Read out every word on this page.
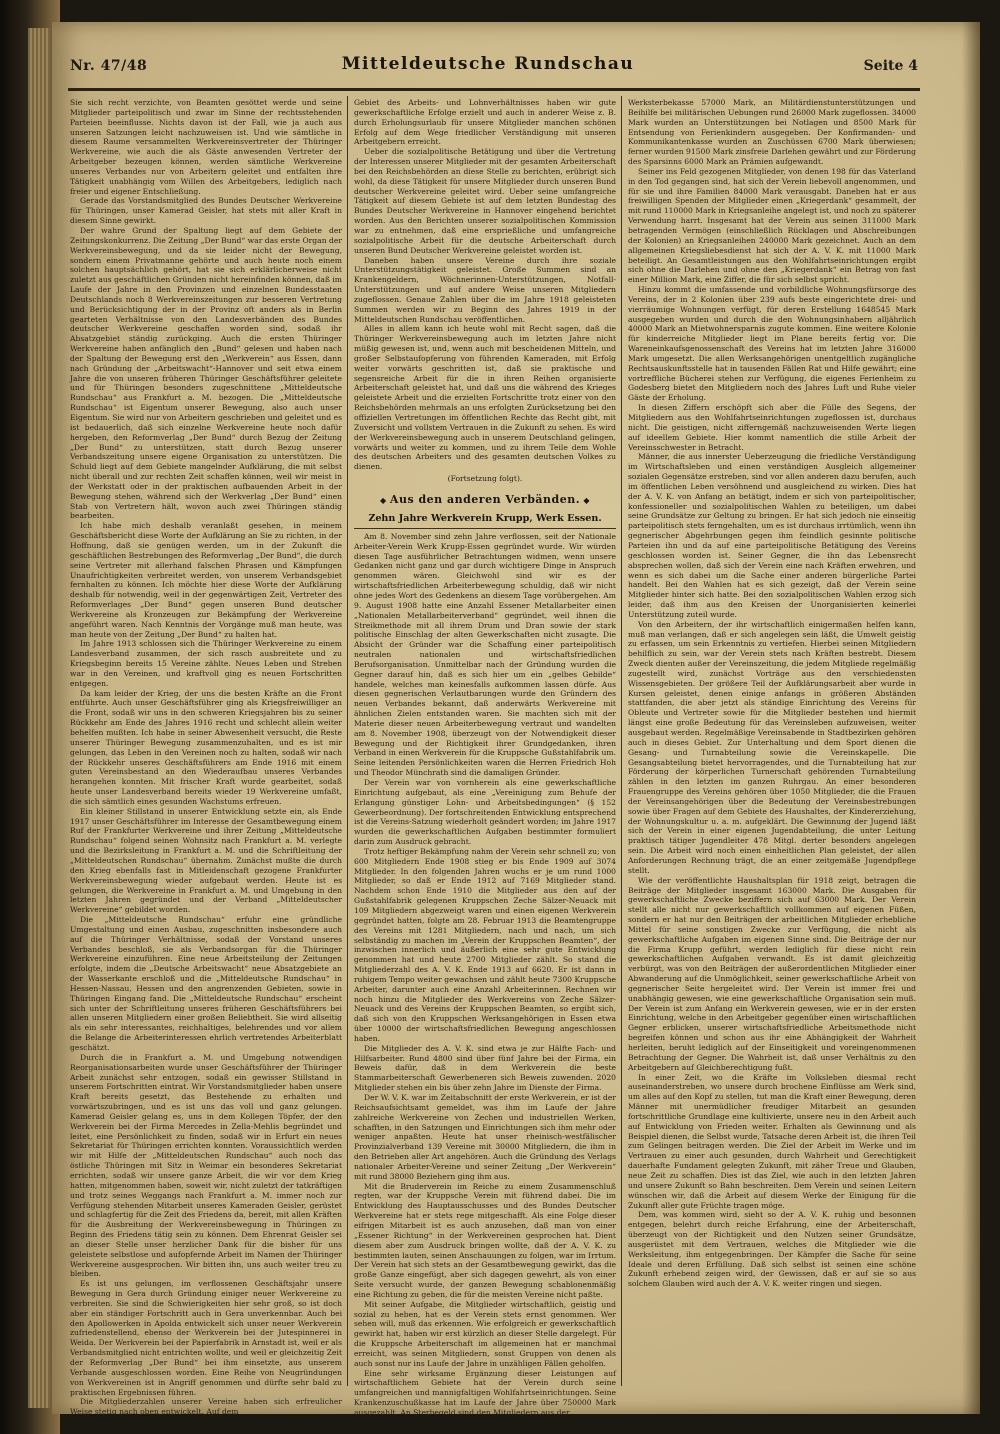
Nr. 47/48	Mitteldeutsche Rundschau	Seite 4

Sie sich recht verzichte, von Beamten gesöttet werde und seine Mitglieder parteipolitisch und zwar im Sinne der rechtsstehenden Parteien beeinflusse. Nichts davon ist der Fall, wie ja auch aus unseren Satzungen leicht nachzuweisen ist. Und wie sämtliche in diesem Raume versammelten Werkvereinsvertreter der Thüringer Werkvereine, wie auch die als Gäste anwesenden Vertreter der Arbeitgeber bezeugen können, werden sämtliche Werkvereine unseres Verbandes nur von Arbeitern geleitet und entfalten ihre Tätigkeit unabhängig vom Willen des Arbeitgebers, lediglich nach freier und eigener Entschließung.

Gerade das Vorstandsmitglied des Bundes Deutscher Werkvereine für Thüringen, unser Kamerad Geisler, hat stets mit aller Kraft in diesem Sinne gewirkt.

Der wahre Grund der Spaltung liegt auf dem Gebiete der Zeitungskonkurrenz. Die Zeitung „Der Bund“ war das erste Organ der Werkvereinsbewegung, und da sie leider nicht der Bewegung, sondern einem Privatmanne gehörte und auch heute noch einem solchen hauptsächlich gehört, hat sie sich erklärlicherweise nicht zuletzt aus geschäftlichen Gründen nicht hereinfinden können, daß im Laufe der Jahre in den Provinzen und einzelnen Bundesstaaten Deutschlands noch 8 Werkvereinszeitungen zur besseren Vertretung und Berücksichtigung der in der Provinz oft anders als in Berlin gearteten Verhältnisse von den Landesverbänden des Bundes deutscher Werkvereine geschaffen worden sind, sodaß ihr Absatzgebiet ständig zurückging. Auch die ersten Thüringer Werkvereine haben anfänglich den „Bund“ gelesen und haben nach der Spaltung der Bewegung erst den „Werkverein“ aus Essen, dann nach Gründung der „Arbeitswacht“-Hannover und seit etwa einem Jahre die von unseren früheren Thüringer Geschäftsführer geleitete und für Thüringen besonders zugeschnittene „Mitteldeutsche Rundschau“ aus Frankfurt a. M. bezogen. Die „Mitteldeutsche Rundschau“ ist Eigentum unserer Bewegung, also auch unser Eigentum. Sie wird nur von Arbeitern geschrieben und geleitet und es ist bedauerlich, daß sich einzelne Werkvereine heute noch dafür hergeben, den Reformverlag „Der Bund“ durch Bezug der Zeitung „Der Bund“ zu unterstützen, statt durch Bezug unserer Verbandszeitung unsere eigene Organisation zu unterstützen. Die Schuld liegt auf dem Gebiete mangelnder Aufklärung, die mit selbst nicht überall und zur rechten Zeit schaffen können, weil wir meist in der Werkstatt oder in der praktischen aufbauenden Arbeit in der Bewegung stehen, während sich der Werkverlag „Der Bund“ einen Stab von Vertretern hält, wovon auch zwei Thüringen ständig bearbeiten.

Ich habe mich deshalb veranlaßt gesehen, in meinem Geschäftsbericht diese Worte der Aufklärung an Sie zu richten, in der Hoffnung, daß sie genügen werden, um in der Zukunft die geschäftlichen Bestrebungen des Reformverlag „Der Bund“, die durch seine Vertreter mit allerhand falschen Phrasen und Kämpfungen Unaufrichtigkeiten verbreitet werden, von unserem Verbandsgebiet fernhalten zu können. Ich möchte hier diese Worte der Aufklärung deshalb für notwendig, weil in der gegenwärtigen Zeit, Vertreter des Reformverlages „Der Bund“ gegen unseren Bund deutscher Werkvereine als Kronzeugen zur Bekämpfung der Werkvereine angeführt waren. Nach Kenntnis der Vorgänge muß man heute, was man heute von der Zeitung „Der Bund“ zu halten hat.

Im Jahre 1913 schlossen sich die Thüringer Werkvereine zu einem Landesverband zusammen, der sich rasch ausbreitete und zu Kriegsbeginn bereits 15 Vereine zählte. Neues Leben und Streben war in den Vereinen, und kraftvoll ging es neuen Fortschritten entgegen.

Da kam leider der Krieg, der uns die besten Kräfte an die Front entführte. Auch unser Geschäftsführer ging als Kriegsfreiwilliger an die Front, sodaß wir uns in den schweren Kriegsjahren bis zu seiner Rückkehr am Ende des Jahres 1916 recht und schlecht allein weiter behelfen mußten. Ich habe in seiner Abwesenheit versucht, die Reste unserer Thüringer Bewegung zusammenzuhalten, und es ist mir gelungen, das Leben in den Vereinen noch zu halten, sodaß wir nach der Rückkehr unseres Geschäftsführers am Ende 1916 mit einem guten Vereinsbestand an den Wiederaufbau unseres Verbandes herangehen konnten. Mit frischer Kraft wurde gearbeitet, sodaß heute unser Landesverband bereits wieder 19 Werkvereine umfaßt, die sich sämtlich eines gesunden Wachstums erfreuen.

Ein kleiner Stillstand in unserer Entwicklung setzte ein, als Ende 1917 unser Geschäftsführer im Interesse der Gesamtbewegung einem Ruf der Frankfurter Werkvereine und ihrer Zeitung „Mitteldeutsche Rundschau“ folgend seinen Wohnsitz nach Frankfurt a. M. verlegte und die Bezirksleitung in Frankfurt a. M. und die Schriftleitung der „Mitteldeutschen Rundschau“ übernahm. Zunächst mußte die durch den Krieg ebenfalls fast in Mitleidenschaft gezogene Frankfurter Werkvereinsbewegung wieder aufgebaut werden. Heute ist es gelungen, die Werkvereine in Frankfurt a. M. und Umgebung in den letzten Jahren gegründet und der Verband „Mitteldeutscher Werkvereine“ gebildet worden.

Die „Mitteldeutsche Rundschau“ erfuhr eine gründliche Umgestaltung und einen Ausbau, zugeschnitten insbesondere auch auf die Thüringer Verhältnisse, sodaß der Vorstand unseres Verbandes beschloß, sie als Verbandsorgan für die Thüringer Werkvereine einzuführen. Eine neue Arbeitsteilung der Zeitungen erfolgte, indem die „Deutsche Arbeitswacht“ neue Absatzgebiete an der Wasserkante erschloß und die „Mitteldeutsche Rundschau“ in Hessen-Nassau, Hessen und den angrenzenden Gebieten, sowie in Thüringen Eingang fand. Die „Mitteldeutsche Rundschau“ erscheint sich unter der Schriftleitung unseres früheren Geschäftsführers bei allen unseren Mitgliedern einer großen Beliebtheit. Sie wird allseitig als ein sehr interessantes, reichhaltiges, belehrendes und vor allem die Belange die Arbeiterinteressen ehrlich vertretendes Arbeiterblatt geschätzt.

Durch die in Frankfurt a. M. und Umgebung notwendigen Reorganisationsarbeiten wurde unser Geschäftsführer der Thüringer Arbeit zunächst sehr entzogen, sodaß ein gewisser Stillstand in unserem Fortschritten eintrat. Wir Vorstandsmitglieder haben unsere Kraft bereits gesetzt, das Bestehende zu erhalten und vorwärtszubringen, und es ist uns das voll und ganz gelungen. Kamerad Geisler gelang es, uns in dem Kollegen Töpfer, der den Werkverein bei der Firma Mercedes in Zella-Mehlis begründet und leitet, eine Persönlichkeit zu finden, sodaß wir in Erfurt ein neues Sekretariat für Thüringen errichten konnten. Voraussichtlich werden wir mit Hilfe der „Mitteldeutschen Rundschau“ auch noch das östliche Thüringen mit Sitz in Weimar ein besonderes Sekretariat errichten, sodaß wir unsere ganze Arbeit, die wir vor dem Krieg hatten, mitgenommen haben, soweit wir, nicht zuletzt der tatkräftigen und trotz seines Weggangs nach Frankfurt a. M. immer noch zur Verfügung stehenden Mitarbeit unseres Kameraden Geisler, gerüstet und schlagfertig für die Zeit des Friedens da, bereit, mit allen Kräften für die Ausbreitung der Werkvereinsbewegung in Thüringen zu Beginn des Friedens tätig sein zu können. Dem Ehrenrat Geisler sei an dieser Stelle unser herzlicher Dank für die bisher für uns geleistete selbstlose und aufopfernde Arbeit im Namen der Thüringer Werkvereine ausgesprochen. Wir bitten ihn, uns auch weiter treu zu bleiben.

Es ist uns gelungen, im verflossenen Geschäftsjahr unsere Bewegung in Gera durch Gründung einiger neuer Werkvereine zu verbreiten. Sie sind die Schwierigkeiten hier sehr groß, so ist doch aber ein ständiger Fortschritt auch in Gera unverkennbar. Auch bei den Apollowerken in Apolda entwickelt sich unser neuer Werkverein zufriedenstellend, ebenso der Werkverein bei der Jutespinnerei in Weida. Der Werkverein bei der Papierfabrik in Arnstadt ist, weil er als Verbandsmitglied nicht entrichten wollte, und weil er gleichzeitig Zeit der Reformverlag „Der Bund“ bei ihm einsetzte, aus unserem Verbande ausgeschlossen worden. Eine Reihe von Neugründungen von Werkvereinen ist in Angriff genommen und dürfte sehr bald zu praktischen Ergebnissen führen.

Die Mitgliederzahlen unserer Vereine haben sich erfreulicher Weise stetig nach oben entwickelt. Auf dem

Gebiet des Arbeits- und Lohnverhältnisses haben wir gute gewerkschaftliche Erfolge erzielt und auch in anderer Weise z. B. durch Erholungsurlaub für unsere Mitglieder manchen schönen Erfolg auf dem Wege friedlicher Verständigung mit unseren Arbeitgebern erreicht.

Ueber die sozialpolitische Betätigung und über die Vertretung der Interessen unserer Mitglieder mit der gesamten Arbeiterschaft bei den Reichsbehörden an diese Stelle zu berichten, erübrigt sich wohl, da diese Tätigkeit für unsere Mitglieder durch unseren Bund deutscher Werkvereine geleitet wird. Ueber seine umfangreiche Tätigkeit auf diesem Gebiete ist auf dem letzten Bundestag des Bundes Deutscher Werkvereine in Hannover eingehend berichtet worden. Aus den Berichten unserer sozialpolitischen Kommission war zu entnehmen, daß eine ersprießliche und umfangreiche sozialpolitische Arbeit für die deutsche Arbeiterschaft durch unseren Bund Deutscher Werkvereine geleistet worden ist.

Daneben haben unsere Vereine durch ihre soziale Unterstützungstätigkeit geleistet. Große Summen sind an Krankengeldern, Wöchnerinnen-Unterstützungen, Notfall-Unterstützungen und auf andere Weise unseren Mitgliedern zugeflossen. Genaue Zahlen über die im Jahre 1918 geleisteten Summen werden wir zu Beginn des Jahres 1919 in der Mitteldeutschen Rundschau veröffentlichen.

Alles in allem kann ich heute wohl mit Recht sagen, daß die Thüringer Werkvereinsbewegung auch im letzten Jahre nicht müßig gewesen ist, und, wenn auch mit bescheidenen Mitteln, und großer Selbstaufopferung von führenden Kameraden, mit Erfolg weiter vorwärts geschritten ist, daß sie praktische und segensreiche Arbeit für die in ihren Reihen organisierte Arbeiterschaft geleistet hat, und daß uns die während des Krieges geleistete Arbeit und die erzielten Fortschritte trotz einer von den Reichsbehörden mehrmals an uns erfolgten Zurücksetzung bei den offiziellen Vertretungen im öffentlichen Rechte das Recht gibt, mit Zuversicht und vollstem Vertrauen in die Zukunft zu sehen. Es wird der Werkvereinsbewegung auch in unserem Deutschland gelingen, vorwärts und weiter zu kommen, und zu ihrem Teile dem Wohle des deutschen Arbeiters und des gesamten deutschen Volkes zu dienen.

(Fortsetzung folgt).

◆ Aus den anderen Verbänden. ◆
Zehn Jahre Werkverein Krupp, Werk Essen.

Am 8. November sind zehn Jahre verflossen, seit der Nationale Arbeiter-Verein Werk Krupp-Essen gegründet wurde. Wir würden diesen Tage ausführlicher Betrachtungen widmen, wenn unsere Gedanken nicht ganz und gar durch wichtigere Dinge in Anspruch genommen wären. Gleichwohl sind wir es der wirtschaftsfriedlichen Arbeiterbewegung schuldig, daß wir nicht ohne jedes Wort des Gedenkens an diesem Tage vorübergehen. Am 9. August 1908 hatte eine Anzahl Essener Metallarbeiter einen „Nationalen Metallarbeiterverband“ gegründet, weil ihnen die Streikmethode mit all ihrem Drum und Dran sowie der stark politische Einschlag der alten Gewerkschaften nicht zusagte. Die Absicht der Gründer war die Schaffung einer parteipolitisch neutralen nationalen und wirtschaftsfriedlichen Berufsorganisation. Unmittelbar nach der Gründung wurden die Gegner darauf hin, daß es sich hier um ein „gelbes Gebilde“ handele, welches man keinesfalls aufkommen lassen dürfe. Aus diesen gegnerischen Verlautbarungen wurde den Gründern des neuen Verbandes bekannt, daß anderwärts Werkvereine mit ähnlichen Zielen entstanden waren. Sie machten sich mit der Materie dieser neuen Arbeiterbewegung vertraut und wandelten am 8. November 1908, überzeugt von der Notwendigkeit dieser Bewegung und der Richtigkeit ihrer Grundgedanken, ihren Verband in einen Werkverein für die Kruppsche Gußstahlfabrik um. Seine leitenden Persönlichkeiten waren die Herren Friedrich Hoh und Theodor Münchrath sind die damaligen Gründer.

Der Verein war von vornherein als eine gewerkschaftliche Einrichtung aufgebaut, als eine „Vereinigung zum Behufe der Erlangung günstiger Lohn- und Arbeitsbedingungen“ (§ 152 Gewerbeordnung). Der fortschreitenden Entwicklung entsprechend ist die Vereins-Satzung wiederholt geändert worden; im Jahre 1917 wurden die gewerkschaftlichen Aufgaben bestimmter formuliert darin zum Ausdruck gebracht.

Trotz heftiger Bekämpfung nahm der Verein sehr schnell zu; von 600 Mitgliedern Ende 1908 stieg er bis Ende 1909 auf 3074 Mitglieder. In den folgenden Jahren wuchs er je um rund 1000 Mitglieder, so daß er Ende 1912 auf 7169 Mitglieder stand. Nachdem schon Ende 1910 die Mitglieder aus den auf der Gußstahlfabrik gelegenen Kruppschen Zeche Sälzer-Neuack mit 109 Mitgliedern abgezweigt waren und einen eigenen Werkverein gegründet hatten, folgte am 28. Februar 1913 die Beamtengruppe des Vereins mit 1281 Mitgliedern, nach und nach, um sich selbständig zu machen im „Verein der Kruppschen Beamten“, der inzwischen innerlich und äußerlich eine sehr gute Entwicklung genommen hat und heute 2700 Mitglieder zählt. So stand die Mitgliederzahl des A. V. K. Ende 1913 auf 6620. Er ist dann in ruhigem Tempo weiter gewachsen und zählt heute 7300 Kruppsche Arbeiter, darunter auch eine Anzahl Arbeiterinnen. Rechnen wir noch hinzu die Mitglieder des Werkvereins von Zeche Sälzer-Neuack und des Vereins der Kruppschen Beamten, so ergibt sich, daß sich von den Kruppschen Werksangehörigen in Essen etwa über 10000 der wirtschaftsfriedlichen Bewegung angeschlossen haben.

Die Mitglieder des A. V. K. sind etwa je zur Hälfte Fach- und Hilfsarbeiter. Rund 4800 sind über fünf Jahre bei der Firma, ein Beweis dafür, daß in dem Werkverein die beste Stammarbeiterschaft Gewerbeneren sich Beweis zuwenden. 2020 Mitglieder stehen ein bis über zehn Jahre im Dienste der Firma.

Der W. V. K. war im Zeitabschnitt der erste Werkverein, er ist der Reichsaufsichtsamt gemeldet, was ihm im Laufe der Jahre zahlreiche Werkvereine von Zechen und industriellen Werken, schafften, in den Satzungen und Einrichtungen sich ihm mehr oder weniger anpaßten. Heute hat unser rheinisch-westfälischer Provinzialverband 139 Vereine mit 30000 Mitgliedern, die ihm in den Betrieben aller Art angehören. Auch die Gründung des Verlags nationaler Arbeiter-Vereine und seiner Zeitung „Der Werkverein“ mit rund 38000 Beziehern ging ihm aus.

Mit die Bruderverein im Reiche zu einem Zusammenschluß regten, war der Kruppsche Verein mit führend dabei. Die im Entwicklung des Hauptausschusses und des Bundes Deutscher Werkvereine hat er stets rege mitgeschafft. Als eine Folge dieser eifrigen Mitarbeit ist es auch anzusehen, daß man von einer „Essener Richtung“ in der Werkvereinen gesprochen hat. Dient diesem aber zum Ausdruck bringen wollte, daß der A. V. K. zu bestimmten lauten, seinen Anschauungen zu folgen, war im Irrtum. Der Verein hat sich stets an der Gesamtbewegung gewirkt, das die große Ganze eingefügt, aber sich dagegen gewehrt, als von einer Seite versucht wurde, der ganzen Bewegung schablonenmäßig eine Richtung zu geben, die für die meisten Vereine nicht paßte.

Mit seiner Aufgabe, die Mitglieder wirtschaftlich, geistig und sozial zu heben, hat es der Verein stets ernst genommen. Wer sehen will, muß das erkennen. Wie erfolgreich er gewerkschaftlich gewirkt hat, haben wir erst kürzlich an dieser Stelle dargelegt. Für die Kruppsche Arbeiterschaft im allgemeinen hat er manchmal erreicht, was seinen Mitgliedern, sonst Gruppen von denen als auch sonst nur ins Laufe der Jahre in unzähligen Fällen geholfen.

Eine sehr wirksame Ergänzung dieser Leistungen auf wirtschaftlichem Gebiete hat der Verein durch seine umfangreichen und mannigfaltigen Wohlfahrtseinrichtungen. Seine Krankenzuschußkasse hat im Laufe der Jahre über 750000 Mark ausgezahlt. An Sterbegeld sind den Mitgliedern aus der

Werksterbekasse 57000 Mark, an Militärdienstunterstützungen und Beihilfe bei militärischen Uebungen rund 26000 Mark zugeflossen. 34000 Mark wurden an Unterstützungen bei Notlagen und 8500 Mark für Entsendung von Ferienkindern ausgegeben. Der Konfirmanden- und Kommunikantenkasse wurden an Zuschüssen 6700 Mark überwiesen; ferner wurden 91500 Mark zinsfreie Darlehen gewährt und zur Förderung des Sparsinns 6000 Mark an Prämien aufgewandt.

Seiner ins Feld gezogenen Mitglieder, von denen 198 für das Vaterland in den Tod gegangen sind, hat sich der Verein liebevoll angenommen, und für sie und ihre Familien 84000 Mark verausgabt. Daneben hat er aus freiwilligen Spenden der Mitglieder einen „Kriegerdank“ gesammelt, der mit rund 110000 Mark in Kriegsanleihe angelegt ist, und noch zu späterer Verwendung harrt. Insgesamt hat der Verein aus seinen 311000 Mark betragenden Vermögen (einschließlich Rücklagen und Abschreibungen der Kolonien) an Kriegsanleihen 240000 Mark gezeichnet. Auch an dem allgemeinen Kriegsliebesdienst hat sich der A. V. K. mit 11000 Mark beteiligt. An Gesamtleistungen aus den Wohlfahrtseinrichtungen ergibt sich ohne die Darlehen und ohne den „Kriegerdank“ ein Betrag von fast einer Million Mark, eine Ziffer, die für sich selbst spricht.

Hinzu kommt die umfassende und vorbildliche Wohnungsfürsorge des Vereins, der in 2 Kolonien über 239 aufs beste eingerichtete drei- und vierräumige Wohnungen verfügt, für deren Erstellung 1648545 Mark ausgegeben wurden und durch die den Wohnungsinhabern alljährlich 40000 Mark an Mietwohnersparnis zugute kommen. Eine weitere Kolonie für kinderreiche Mitglieder liegt im Plane bereits fertig vor. Die Wareneinkaufsgenossenschaft des Vereins hat im letzten Jahre 316000 Mark umgesetzt. Die allen Werksangehörigen unentgeltlich zugängliche Rechtsauskunftsstelle hat in tausenden Fällen Rat und Hilfe gewährt; eine vortreffliche Bücherei stehen zur Verfügung, die eigenes Ferienheim zu Godesberg bietet den Mitgliedern noch des Jahres Luft und Ruhe vieler Gäste der Erholung.

In diesen Ziffern erschöpft sich aber die Fülle des Segens, der Mitgliedern aus den Wohlfahrtseinrichtungen zugeflossen ist, durchaus nicht. Die geistigen, nicht zifferngemäß nachzuweisenden Werte liegen auf ideellem Gebiete. Hier kommt namentlich die stille Arbeit der Vereinsschwester in Betracht.

Männer, die aus innerster Ueberzeugung die friedliche Verständigung im Wirtschaftsleben und einen verständigen Ausgleich allgemeiner sozialen Gegensätze erstreben, sind vor allen anderen dazu berufen, auch im öffentlichen Leben versöhnend und ausgleichend zu wirken. Dies hat der A. V. K. von Anfang an betätigt, indem er sich von parteipolitischer, konfessioneller und sozialpolitischen Wahlen zu beteiligen, um dabei seine Grundsätze zur Geltung zu bringen. Er hat sich jedoch nie einseitig parteipolitisch stets ferngehalten, um es ist durchaus irrtümlich, wenn ihn gegnerischer Abgehrbungen gegen ihm feindlich gesinnte politische Parteien ihn und da auf eine parteipolitische Betätigung des Vereins geschlossen worden ist. Seiner Gegner, die ihn das Lebensrecht absprechen wollen, daß sich der Verein eine nach Kräften erwehren, und wenn es sich dabei um die Sache einer anderen bürgerliche Partei handelt. Bei den Wahlen hat es sich gezeigt, daß der Verein seine Mitglieder hinter sich hatte. Bei den sozialpolitischen Wahlen erzog sich leider, daß ihm aus den Kreisen der Unorganisierten keinerlei Unterstützung zuteil wurde.

Von den Arbeitern, der ihr wirtschaftlich einigermaßen helfen kann, muß man verlangen, daß er sich angelegen sein läßt, die Umwelt geistig zu erfassen, um sein Erkenntnis zu vertiefen. Hierbei seinen Mitgliedern behilflich zu sein, war der Verein stets nach Kräften bestrebt. Diesem Zweck dienten außer der Vereinszeitung, die jedem Mitgliede regelmäßig zugestellt wird, zunächst Vorträge aus den verschiedensten Wissensgebieten. Der größere Teil der Aufklärungsarbeit aber wurde in Kursen geleistet, denen einige anfangs in größeren Abständen stattfanden, die aber jetzt als ständige Einrichtung des Vereins für Obleute und Vertreter sowie für die Mitglieder bestehen und hiermit längst eine große Bedeutung für das Vereinsleben aufzuweisen, weiter ausgebaut werden. Regelmäßige Vereinsabende in Stadtbezirken gehören auch in dieses Gebiet. Zur Unterhaltung und dem Sport dienen die Gesang- und Turnabteilung sowie die Vereinskapelle. Die Gesangsabteilung bietet hervorragendes, und die Turnabteilung hat zur Förderung der körperlichen Turnerschaft gehörenden Turnabteilung zählen in den letzten im ganzen Ruhrgau. An einer besonderen Frauengruppe des Vereins gehören über 1050 Mitglieder, die die Frauen der Vereinsangehörigen über die Bedeutung der Vereinsbestrebungen sowie über Fragen auf dem Gebiete des Haushaltes, der Kindererziehung, der Wohnungskultur u. a. m. aufgeklärt. Die Gewinnung der Jugend läßt sich der Verein in einer eigenen Jugendabteilung, die unter Leitung praktisch tätiger Jugendleiter 478 Mitgl. derter besonders angelegen sein. Die Arbeit wird noch einen einheitlichen Plan geleistet, der allen Anforderungen Rechnung trägt, die an einer zeitgemäße Jugendpflege stellt.

Wie der veröffentlichte Haushaltsplan für 1918 zeigt, betragen die Beiträge der Mitglieder insgesamt 163000 Mark. Die Ausgaben für gewerkschaftliche Zwecke beziffern sich auf 63000 Mark. Der Verein stellt alle nicht nur gewerkschaftlich vollkommen auf eigenen Füßen, sondern er hat nur den Beiträgen der arbeitlichen Mitglieder erhebliche Mittel für seine sonstigen Zwecke zur Verfügung, die nicht als gewerkschaftliche Aufgaben im eigenen Sinne sind. Die Beiträge der nur die Firma Krupp geführt, werden lediglich für diese nicht rein gewerkschaftlichen Aufgaben verwandt. Es ist damit gleichzeitig verbürgt, was von den Beiträgen der außerordentlichen Mitglieder einer Abwanderung auf die Unmöglichkeit, seiner gewerkschaftliche Arbeit von gegnerischer Seite hergeleitet wird. Der Verein ist immer frei und unabhängig gewesen, wie eine gewerkschaftliche Organisation sein muß. Der Verein ist zum Anfang ein Werkverein gewesen, wie er in der ersten Einrichtung, welche in den Arbeitgeber gegenüber einen wirtschaftlichen Gegner erblicken, unserer wirtschaftsfriedliche Arbeitsmethode nicht begreifen können und schon aus ihr eine Abhängigkeit der Wahrheit herleiten, beruht lediglich auf der Einseitigkeit und voreingenommenen Betrachtung der Gegner. Die Wahrheit ist, daß unser Verhältnis zu den Arbeitgebern auf Gleichberechtigung fußt.

In einer Zeit, wo die Kräfte im Volksleben diesmal recht auseinanderstreben, wo unsere durch brochene Einflüsse am Werk sind, um alles auf den Kopf zu stellen, tut man die Kraft einer Bewegung, deren Männer mit unermüdlicher freudiger Mitarbeit an gesunden fortschrittliche Grundlage eine kultivierte, unsere neu in den Arbeit auch auf Entwicklung von Frieden weiter. Erhalten als Gewinnung und als Beispiel dienen, die Selbst wurde, Tatsache deren Arbeit ist, die ihren Teil zum Gelingen beitragen werden. Die Ziel der Arbeit im Werke und im Vertrauen zu einer auch gesunden, durch Wahrheit und Gerechtigkeit dauerhafte Fundament gelegten Zukunft, mit zäher Treue und Glauben, neue Zeit zu schaffen. Dies ist das Ziel, wie auch in den letzten Jahren und unsere Zukunft so Bahn beschreiten. Dem Verein und seinen Leitern wünschen wir, daß die Arbeit auf diesem Werke der Einigung für die Zukunft aller gute Früchte tragen möge.

Dem, was kommen wird, sieht so der A. V. K. ruhig und besonnen entgegen, belehrt durch reiche Erfahrung, eine der Arbeiterschaft, überzeugt von der Richtigkeit und den Nutzen seiner Grundsätze, ausgerüstet mit dem Vertrauen, welches die Mitglieder wie die Werksleitung, ihm entgegenbringen. Der Kämpfer die Sache für seine Ideale und deren Erfüllung. Daß sich selbst ist seinen eine schöne Zukunft erhebend zeigen wird, der Gewissen, daß er auf sie so aus solchem Glauben wird auch der A. V. K. weiter ringen und siegen.
